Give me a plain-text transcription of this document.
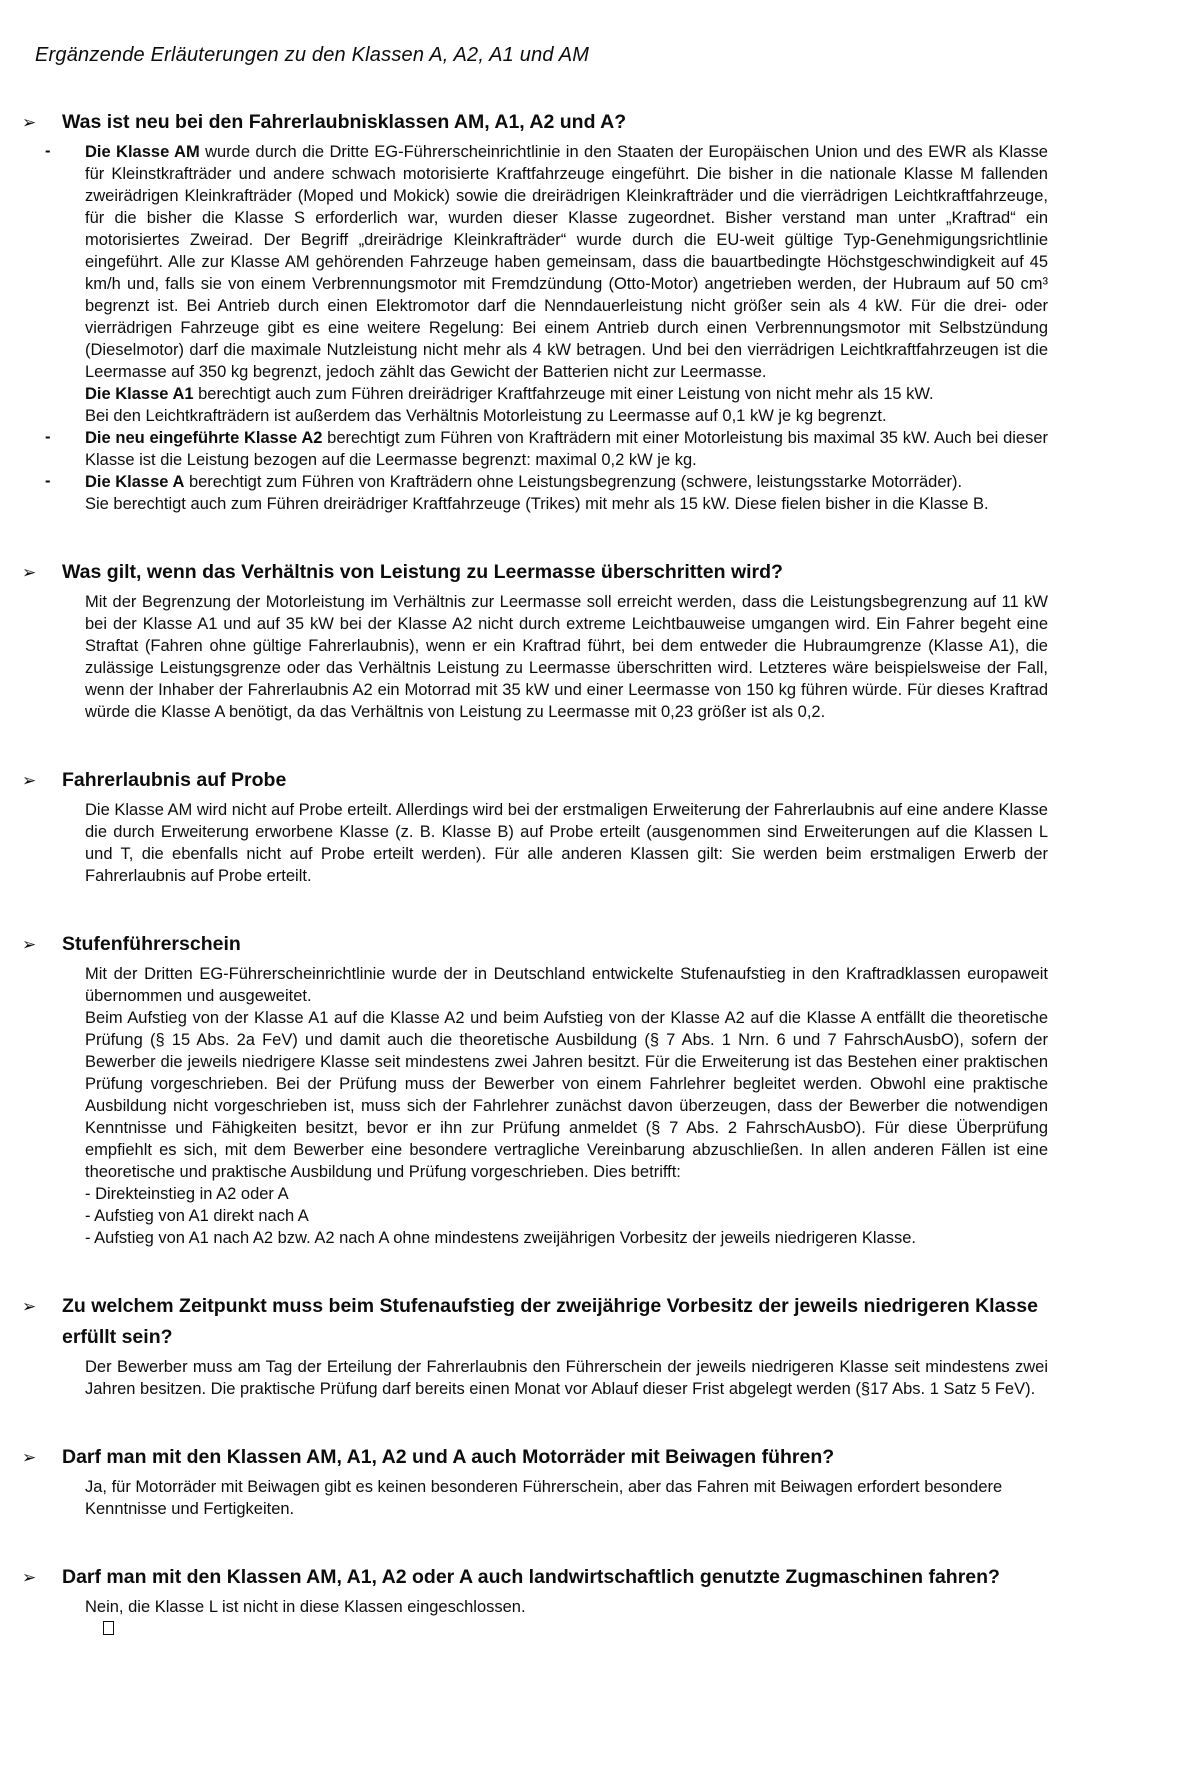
Ergänzende Erläuterungen zu den Klassen A, A2, A1 und AM
➢	Was ist neu bei den Fahrerlaubnisklassen AM, A1, A2 und A?

- Die Klasse AM wurde durch die Dritte EG-Führerscheinrichtlinie in den Staaten der Europäischen Union und des EWR als Klasse für Kleinstkrafträder und andere schwach motorisierte Kraftfahrzeuge eingeführt. Die bisher in die nationale Klasse M fallenden zweirädrigen Kleinkrafträder (Moped und Mokick) sowie die dreirädrigen Kleinkrafträder und die vierrädrigen Leichtkraftfahrzeuge, für die bisher die Klasse S erforderlich war, wurden dieser Klasse zugeordnet. Bisher verstand man unter „Kraftrad“ ein motorisiertes Zweirad. Der Begriff „dreirädrige Kleinkrafträder“ wurde durch die EU-weit gültige Typ-Genehmigungsrichtlinie eingeführt. Alle zur Klasse AM gehörenden Fahrzeuge haben gemeinsam, dass die bauartbedingte Höchstgeschwindigkeit auf 45 km/h und, falls sie von einem Verbrennungsmotor mit Fremdzündung (Otto-Motor) angetrieben werden, der Hubraum auf 50 cm³ begrenzt ist. Bei Antrieb durch einen Elektromotor darf die Nenndauerleistung nicht größer sein als 4 kW. Für die drei- oder vierrädrigen Fahrzeuge gibt es eine weitere Regelung: Bei einem Antrieb durch einen Verbrennungsmotor mit Selbstzündung (Dieselmotor) darf die maximale Nutzleistung nicht mehr als 4 kW betragen. Und bei den vierrädrigen Leichtkraftfahrzeugen ist die Leermasse auf 350 kg begrenzt, jedoch zählt das Gewicht der Batterien nicht zur Leermasse.

Die Klasse A1 berechtigt auch zum Führen dreirädriger Kraftfahrzeuge mit einer Leistung von nicht mehr als 15 kW.

Bei den Leichtkrafträdern ist außerdem das Verhältnis Motorleistung zu Leermasse auf 0,1 kW je kg begrenzt.

- Die neu eingeführte Klasse A2 berechtigt zum Führen von Krafträdern mit einer Motorleistung bis maximal 35 kW. Auch bei dieser Klasse ist die Leistung bezogen auf die Leermasse begrenzt: maximal 0,2 kW je kg.

- Die Klasse A berechtigt zum Führen von Krafträdern ohne Leistungsbegrenzung (schwere, leistungsstarke Motorräder).

Sie berechtigt auch zum Führen dreirädriger Kraftfahrzeuge (Trikes) mit mehr als 15 kW. Diese fielen bisher in die Klasse B.

➢	Was gilt, wenn das Verhältnis von Leistung zu Leermasse überschritten wird?

Mit der Begrenzung der Motorleistung im Verhältnis zur Leermasse soll erreicht werden, dass die Leistungsbegrenzung auf 11 kW bei der Klasse A1 und auf 35 kW bei der Klasse A2 nicht durch extreme Leichtbauweise umgangen wird. Ein Fahrer begeht eine Straftat (Fahren ohne gültige Fahrerlaubnis), wenn er ein Kraftrad führt, bei dem entweder die Hubraumgrenze (Klasse A1), die zulässige Leistungsgrenze oder das Verhältnis Leistung zu Leermasse überschritten wird. Letzteres wäre beispielsweise der Fall, wenn der Inhaber der Fahrerlaubnis A2 ein Motorrad mit 35 kW und einer Leermasse von 150 kg führen würde. Für dieses Kraftrad würde die Klasse A benötigt, da das Verhältnis von Leistung zu Leermasse mit 0,23 größer ist als 0,2.

➢	Fahrerlaubnis auf Probe

Die Klasse AM wird nicht auf Probe erteilt. Allerdings wird bei der erstmaligen Erweiterung der Fahrerlaubnis auf eine andere Klasse die durch Erweiterung erworbene Klasse (z. B. Klasse B) auf Probe erteilt (ausgenommen sind Erweiterungen auf die Klassen L und T, die ebenfalls nicht auf Probe erteilt werden). Für alle anderen Klassen gilt: Sie werden beim erstmaligen Erwerb der Fahrerlaubnis auf Probe erteilt.

➢	Stufenführerschein

Mit der Dritten EG-Führerscheinrichtlinie wurde der in Deutschland entwickelte Stufenaufstieg in den Kraftradklassen europaweit übernommen und ausgeweitet.

Beim Aufstieg von der Klasse A1 auf die Klasse A2 und beim Aufstieg von der Klasse A2 auf die Klasse A entfällt die theoretische Prüfung (§ 15 Abs. 2a FeV) und damit auch die theoretische Ausbildung (§ 7 Abs. 1 Nrn. 6 und 7 FahrschAusbO), sofern der Bewerber die jeweils niedrigere Klasse seit mindestens zwei Jahren besitzt. Für die Erweiterung ist das Bestehen einer praktischen Prüfung vorgeschrieben. Bei der Prüfung muss der Bewerber von einem Fahrlehrer begleitet werden. Obwohl eine praktische Ausbildung nicht vorgeschrieben ist, muss sich der Fahrlehrer zunächst davon überzeugen, dass der Bewerber die notwendigen Kenntnisse und Fähigkeiten besitzt, bevor er ihn zur Prüfung anmeldet (§ 7 Abs. 2 FahrschAusbO). Für diese Überprüfung empfiehlt es sich, mit dem Bewerber eine besondere vertragliche Vereinbarung abzuschließen. In allen anderen Fällen ist eine theoretische und praktische Ausbildung und Prüfung vorgeschrieben. Dies betrifft:

- Direkteinstieg in A2 oder A

- Aufstieg von A1 direkt nach A

- Aufstieg von A1 nach A2 bzw. A2 nach A ohne mindestens zweijährigen Vorbesitz der jeweils niedrigeren Klasse.

➢	Zu welchem Zeitpunkt muss beim Stufenaufstieg der zweijährige Vorbesitz der jeweils niedrigeren Klasse erfüllt sein?

Der Bewerber muss am Tag der Erteilung der Fahrerlaubnis den Führerschein der jeweils niedrigeren Klasse seit mindestens zwei Jahren besitzen. Die praktische Prüfung darf bereits einen Monat vor Ablauf dieser Frist abgelegt werden (§17 Abs. 1 Satz 5 FeV).

➢	Darf man mit den Klassen AM, A1, A2 und A auch Motorräder mit Beiwagen führen?

Ja, für Motorräder mit Beiwagen gibt es keinen besonderen Führerschein, aber das Fahren mit Beiwagen erfordert besondere Kenntnisse und Fertigkeiten.

➢	Darf man mit den Klassen AM, A1, A2 oder A auch landwirtschaftlich genutzte Zugmaschinen fahren?

Nein, die Klasse L ist nicht in diese Klassen eingeschlossen.
